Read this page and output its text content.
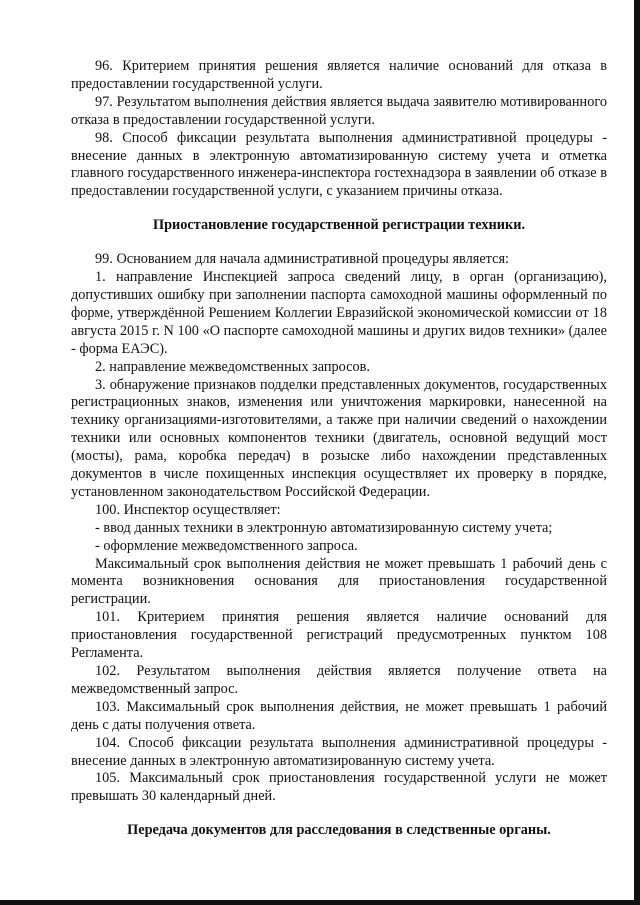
96. Критерием принятия решения является наличие оснований для отказа в предоставлении государственной услуги.

97. Результатом выполнения действия является выдача заявителю мотивированного отказа в предоставлении государственной услуги.

98. Способ фиксации результата выполнения административной процедуры - внесение данных в электронную автоматизированную систему учета и отметка главного государственного инженера-инспектора гостехнадзора в заявлении об отказе в предоставлении государственной услуги, с указанием причины отказа.

Приостановление государственной регистрации техники.

99. Основанием для начала административной процедуры является:

1. направление Инспекцией запроса сведений лицу, в орган (организацию), допустивших ошибку при заполнении паспорта самоходной машины оформленный по форме, утверждённой Решением Коллегии Евразийской экономической комиссии от 18 августа 2015 г. N 100 «О паспорте самоходной машины и других видов техники» (далее - форма ЕАЭС).

2. направление межведомственных запросов.

3. обнаружение признаков подделки представленных документов, государственных регистрационных знаков, изменения или уничтожения маркировки, нанесенной на технику организациями-изготовителями, а также при наличии сведений о нахождении техники или основных компонентов техники (двигатель, основной ведущий мост (мосты), рама, коробка передач) в розыске либо нахождении представленных документов в числе похищенных инспекция осуществляет их проверку в порядке, установленном законодательством Российской Федерации.

100. Инспектор осуществляет:

- ввод данных техники в электронную автоматизированную систему учета;

- оформление межведомственного запроса.

Максимальный срок выполнения действия не может превышать 1 рабочий день с момента возникновения основания для приостановления государственной регистрации.

101. Критерием принятия решения является наличие оснований для приостановления государственной регистраций предусмотренных пунктом 108 Регламента.

102. Результатом выполнения действия является получение ответа на межведомственный запрос.

103. Максимальный срок выполнения действия, не может превышать 1 рабочий день с даты получения ответа.

104. Способ фиксации результата выполнения административной процедуры - внесение данных в электронную автоматизированную систему учета.

105. Максимальный срок приостановления государственной услуги не может превышать 30 календарный дней.

Передача документов для расследования в следственные органы.
